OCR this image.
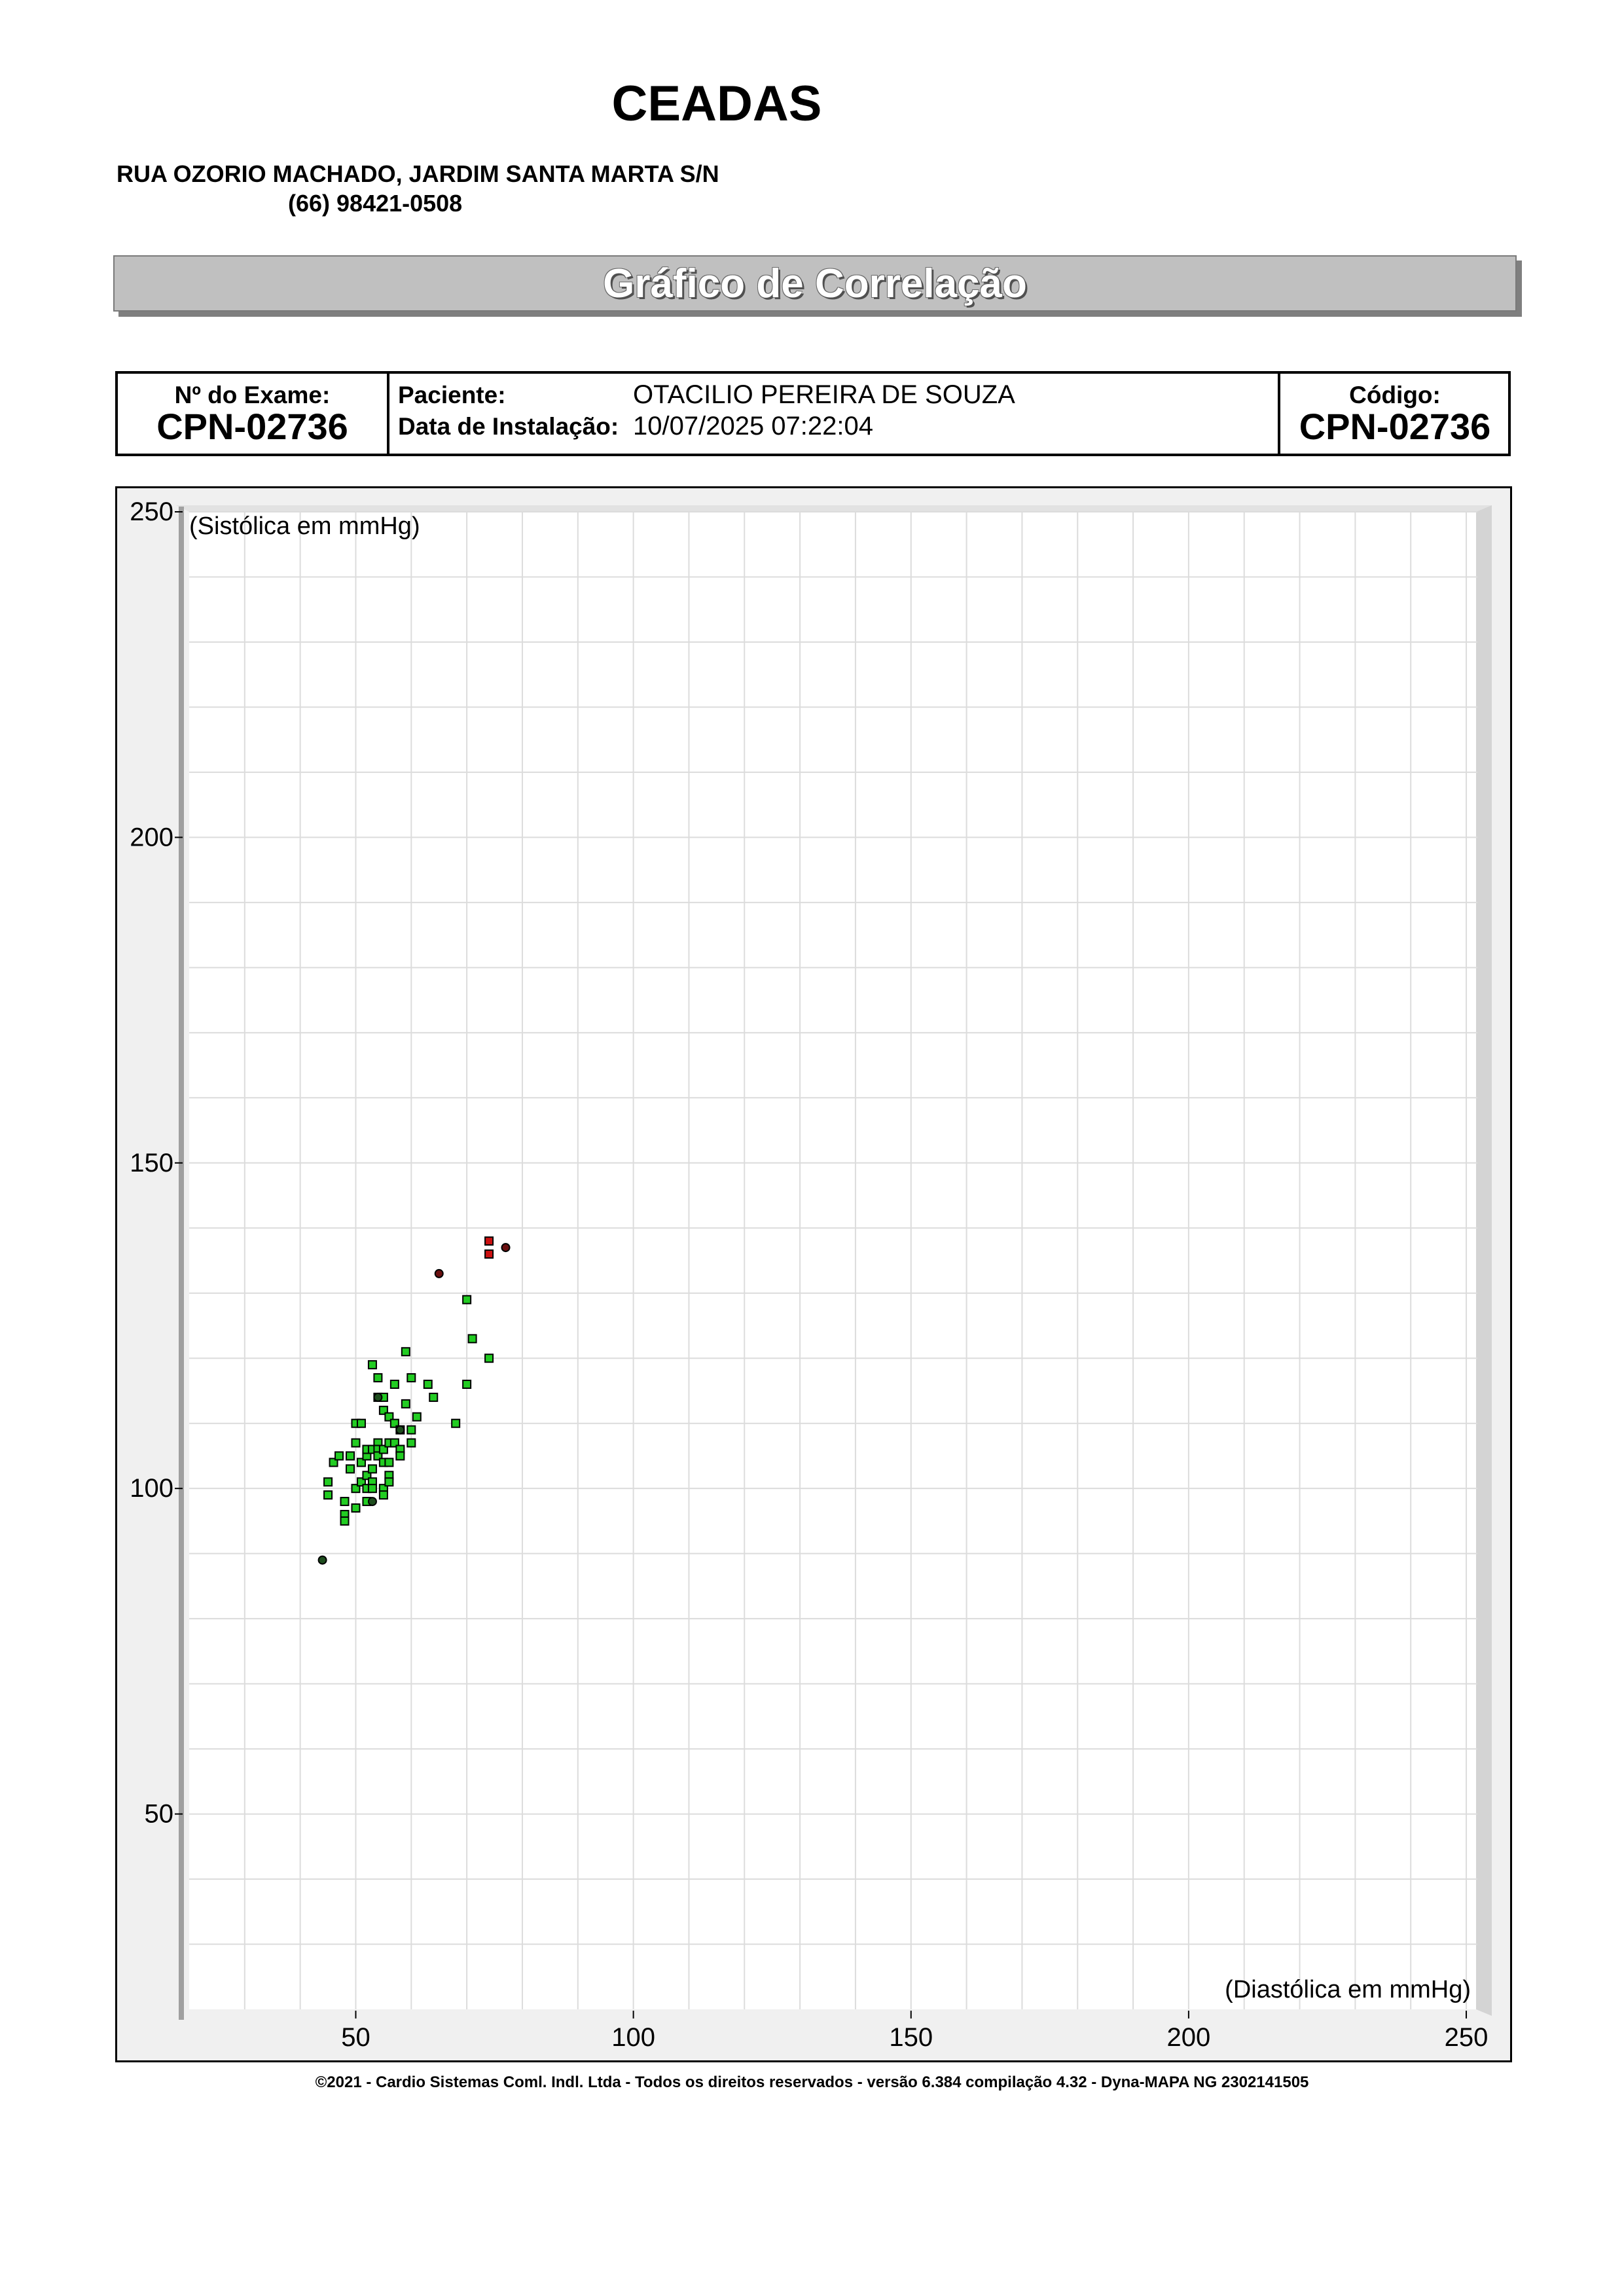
CEADAS
RUA OZORIO MACHADO, JARDIM SANTA MARTA S/N
(66) 98421-0508
Gráfico de Correlação
Nº do Exame:
CPN-02736
Paciente:	OTACILIO PEREIRA DE SOUZA
Data de Instalação: 10/07/2025 07:22:04
Código:
CPN-02736
50	100	150	200	250
50
100
150
200
250 (Sistólica em mmHg)
(Diastólica em mmHg)
©2021 - Cardio Sistemas Coml. Indl. Ltda - Todos os direitos reservados - versão 6.384 compilação 4.32 - Dyna-MAPA NG 2302141505
